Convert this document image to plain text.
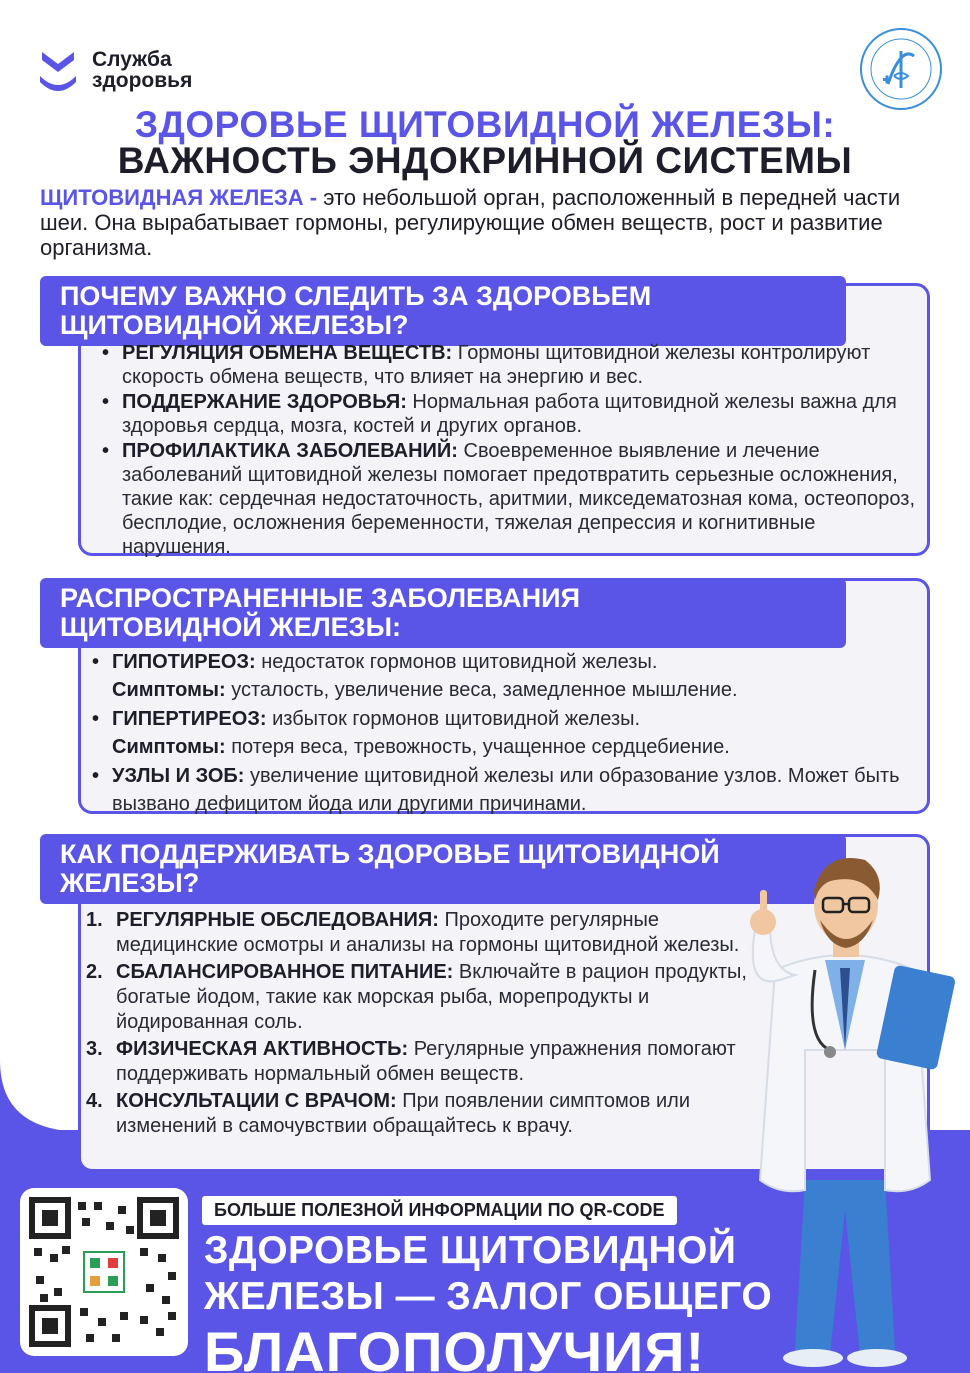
Служба
здоровья
ЗДОРОВЬЕ ЩИТОВИДНОЙ ЖЕЛЕЗЫ:
ВАЖНОСТЬ ЭНДОКРИННОЙ СИСТЕМЫ
ЩИТОВИДНАЯ ЖЕЛЕЗА - это небольшой орган, расположенный в передней части шеи. Она вырабатывает гормоны, регулирующие обмен веществ, рост и развитие организма.
ПОЧЕМУ ВАЖНО СЛЕДИТЬ ЗА ЗДОРОВЬЕМ
ЩИТОВИДНОЙ ЖЕЛЕЗЫ?
• РЕГУЛЯЦИЯ ОБМЕНА ВЕЩЕСТВ: Гормоны щитовидной железы контролируют скорость обмена веществ, что влияет на энергию и вес.
• ПОДДЕРЖАНИЕ ЗДОРОВЬЯ: Нормальная работа щитовидной железы важна для здоровья сердца, мозга, костей и других органов.
• ПРОФИЛАКТИКА ЗАБОЛЕВАНИЙ: Своевременное выявление и лечение заболеваний щитовидной железы помогает предотвратить серьезные осложнения, такие как: сердечная недостаточность, аритмии, микседематозная кома, остеопороз, бесплодие, осложнения беременности, тяжелая депрессия и когнитивные нарушения.
РАСПРОСТРАНЕННЫЕ ЗАБОЛЕВАНИЯ
ЩИТОВИДНОЙ ЖЕЛЕЗЫ:
• ГИПОТИРЕОЗ: недостаток гормонов щитовидной железы.
Симптомы: усталость, увеличение веса, замедленное мышление.
• ГИПЕРТИРЕОЗ: избыток гормонов щитовидной железы.
Симптомы: потеря веса, тревожность, учащенное сердцебиение.
• УЗЛЫ И ЗОБ: увеличение щитовидной железы или образование узлов. Может быть вызвано дефицитом йода или другими причинами.
КАК ПОДДЕРЖИВАТЬ ЗДОРОВЬЕ ЩИТОВИДНОЙ
ЖЕЛЕЗЫ?
1. РЕГУЛЯРНЫЕ ОБСЛЕДОВАНИЯ: Проходите регулярные медицинские осмотры и анализы на гормоны щитовидной железы.
2. СБАЛАНСИРОВАННОЕ ПИТАНИЕ: Включайте в рацион продукты, богатые йодом, такие как морская рыба, морепродукты и йодированная соль.
3. ФИЗИЧЕСКАЯ АКТИВНОСТЬ: Регулярные упражнения помогают поддерживать нормальный обмен веществ.
4. КОНСУЛЬТАЦИИ С ВРАЧОМ: При появлении симптомов или изменений в самочувствии обращайтесь к врачу.
БОЛЬШЕ ПОЛЕЗНОЙ ИНФОРМАЦИИ ПО QR-CODE
ЗДОРОВЬЕ ЩИТОВИДНОЙ
ЖЕЛЕЗЫ — ЗАЛОГ ОБЩЕГО
БЛАГОПОЛУЧИЯ!
